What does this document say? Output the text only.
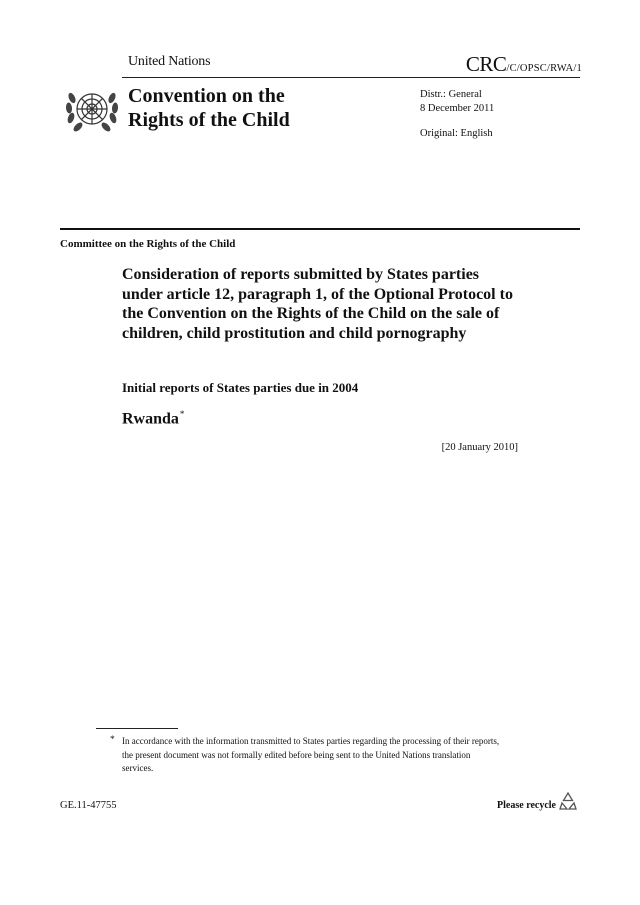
United Nations	CRC/C/OPSC/RWA/1
Convention on the
Rights of the Child
Distr.: General
8 December 2011
Original: English
Committee on the Rights of the Child
Consideration of reports submitted by States parties under article 12, paragraph 1, of the Optional Protocol to the Convention on the Rights of the Child on the sale of children, child prostitution and child pornography
Initial reports of States parties due in 2004
Rwanda*
[20 January 2010]
* In accordance with the information transmitted to States parties regarding the processing of their reports, the present document was not formally edited before being sent to the United Nations translation services.
GE.11-47755	Please recycle
